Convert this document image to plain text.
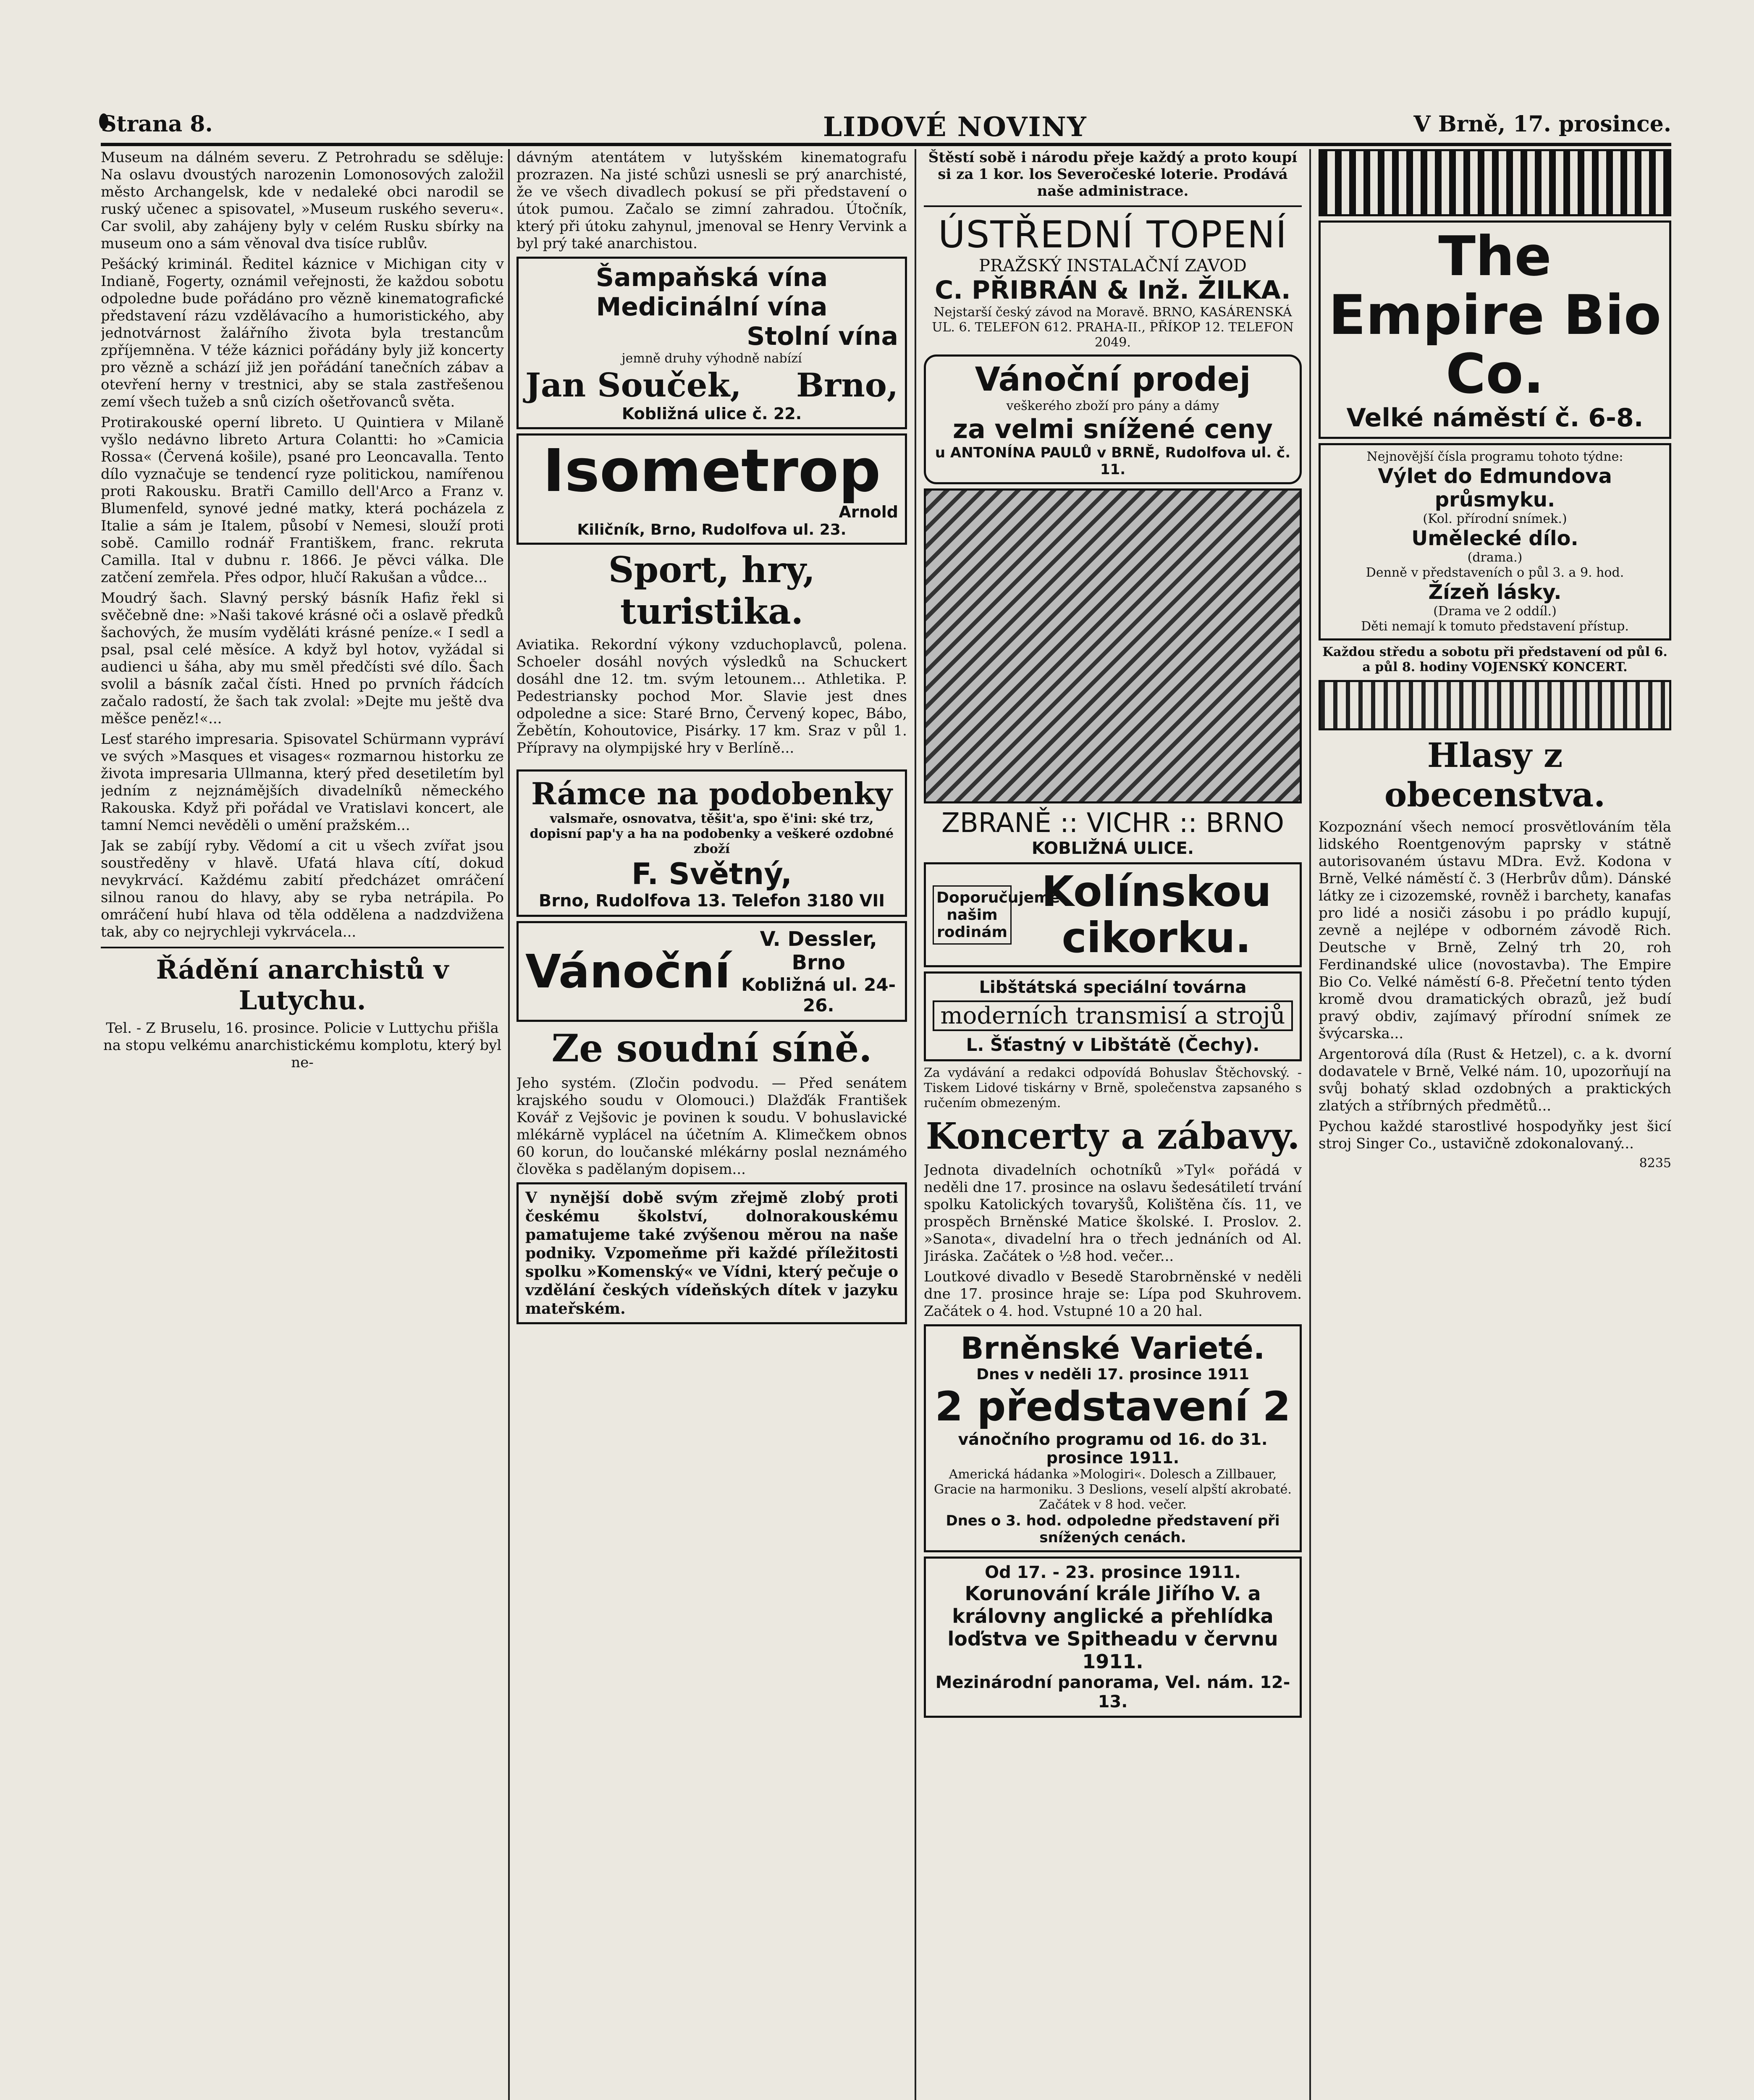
Strana 8.	LIDOVÉ NOVINY	V Brně, 17. prosince.

Museum na dálném severu. Z Petrohradu se sděluje: Na oslavu dvoustých narozenin Lomonosových založil město Archangelsk, kde v nedaleké obci narodil se ruský učenec a spisovatel, »Museum ruského severu«. Car svolil, aby zahájeny byly v celém Rusku sbírky na museum ono a sám věnoval dva tisíce rublův.

Pešácký kriminál. Ředitel káznice v Michigan city v Indianě, Fogerty, oznámil veřejnosti, že každou sobotu odpoledne bude pořádáno pro vězně kinematografické představení rázu vzdělávacího a humoristického, aby jednotvárnost žalářního života byla trestancům zpříjemněna. V téže káznici pořádány byly již koncerty pro vězně a schází již jen pořádání tanečních zábav a otevření herny v trestnici, aby se stala zastřešenou zemí všech tužeb a snů cizích ošetřovanců světa.

Protirakouské operní libreto. U Quintiera v Milaně vyšlo nedávno libreto Artura Colantti: ho »Camicia Rossa« (Červená košile), psané pro Leoncavalla. Tento dílo vyznačuje se tendencí ryze politickou, namířenou proti Rakousku. Bratři Camillo dell'Arco a Franz v. Blumenfeld, synové jedné matky, která pocházela z Italie a sám je Italem, působí v Nemesi, slouží proti sobě. Camillo rodnář Františkem, franc. rekruta Camilla. Ital v dubnu r. 1866. Je pěvci válka. Dle zatčení zemřela. Přes odpor, hlučí Rakušan a vůdce...

Moudrý šach. Slavný perský básník Hafiz řekl si svěčebně dne: »Naši takové krásné oči a oslavě předků šachových, že musím vyděláti krásné peníze.« I sedl a psal, psal celé měsíce. A když byl hotov, vyžádal si audienci u šáha, aby mu směl předčísti své dílo. Šach svolil a básník začal čísti. Hned po prvních řádcích začalo radostí, že šach tak zvolal: »Dejte mu ještě dva měšce peněz!«...

Lesť starého impresaria. Spisovatel Schürmann vypráví ve svých »Masques et visages« rozmarnou historku ze života impresaria Ullmanna, který před desetiletím byl jedním z nejznámějších divadelníků německého Rakouska. Když při pořádal ve Vratislavi koncert, ale tamní Nemci nevěděli o umění pražském...

Jak se zabíjí ryby. Vědomí a cit u všech zvířat jsou soustředěny v hlavě. Ufatá hlava cítí, dokud nevykrvácí. Každému zabití předcházet omráčení silnou ranou do hlavy, aby se ryba netrápila. Po omráčení hubí hlava od těla oddělena a nadzdvižena tak, aby co nejrychleji vykrvácela...

Řádění anarchistů v Lutychu.

Tel. - Z Bruselu, 16. prosince. Policie v Luttychu přišla na stopu velkému anarchistickému komplotu, který byl ne-

dávným atentátem v lutyšském kinematografu prozrazen. Na jisté schůzi usnesli se prý anarchisté, že ve všech divadlech pokusí se při představení o útok pumou. Začalo se zimní zahradou. Útočník, který při útoku zahynul, jmenoval se Henry Vervink a byl prý také anarchistou.

Šampaňská vína
Medicinální vína
Stolní vína
jemně druhy výhodně nabízí
Jan Souček, Brno,
Kobližná ulice č. 22.
Isometrop
Arnold
Kiličník, Brno, Rudolfova ul. 23.
Sport, hry, turistika.

Aviatika. Rekordní výkony vzduchoplavců, polena. Schoeler dosáhl nových výsledků na Schuckert dosáhl dne 12. tm. svým letounem... Athletika. P. Pedestriansky pochod Mor. Slavie jest dnes odpoledne a sice: Staré Brno, Červený kopec, Bábo, Žebětín, Kohoutovice, Pisárky. 17 km. Sraz v půl 1. Přípravy na olympijské hry v Berlíně...

Rámce na podobenky
valsmaře, osnovatva, těšit'a, spo ě'ini: ské trz, dopisní pap'y a ha na podobenky a veškeré ozdobné zboží
F. Světný,
Brno, Rudolfova 13. Telefon 3180 VII
Vánoční
V. Dessler, Brno
Kobližná ul. 24-26.
Ze soudní síně.

Jeho systém. (Zločin podvodu. — Před senátem krajského soudu v Olomouci.) Dlažďák František Kovář z Vejšovic je povinen k soudu. V bohuslavické mlékárně vyplácel na účetním A. Klimečkem obnos 60 korun, do loučanské mlékárny poslal neznámého člověka s padělaným dopisem...

V nynější době svým zřejmě zlobý proti českému školství, dolnorakouskému pamatujeme také zvýšenou měrou na naše podniky. Vzpomeňme při každé příležitosti spolku »Komenský« ve Vídni, který pečuje o vzdělání českých vídeňských dítek v jazyku mateřském.
Štěstí sobě i národu přeje každý a proto koupí si za 1 kor. los Severočeské loterie. Prodává naše administrace.
ÚSTŘEDNÍ TOPENÍ
PRAŽSKÝ INSTALAČNÍ ZAVOD
C. PŘIBRÁN & Inž. ŽILKA.
Nejstarší český závod na Moravě. BRNO, KASÁRENSKÁ UL. 6. TELEFON 612. PRAHA-II., PŘÍKOP 12. TELEFON 2049.
Vánoční prodej
veškerého zboží pro pány a dámy
za velmi snížené ceny
u ANTONÍNA PAULŮ v BRNĚ, Rudolfova ul. č. 11.
ZBRANĚ :: VICHR :: BRNO
KOBLIŽNÁ ULICE.
Doporučujeme našim rodinám
Kolínskou cikorku.
Libštátská speciální továrna
moderních transmisí a strojů
L. Šťastný v Libštátě (Čechy).

Za vydávání a redakci odpovídá Bohuslav Štěchovský. - Tiskem Lidové tiskárny v Brně, společenstva zapsaného s ručením obmezeným.

Koncerty a zábavy.

Jednota divadelních ochotníků »Tyl« pořádá v neděli dne 17. prosince na oslavu šedesátiletí trvání spolku Katolických tovaryšů, Kolištěna čís. 11, ve prospěch Brněnské Matice školské. I. Proslov. 2. »Sanota«, divadelní hra o třech jednáních od Al. Jiráska. Začátek o ½8 hod. večer...

Loutkové divadlo v Besedě Starobrněnské v neděli dne 17. prosince hraje se: Lípa pod Skuhrovem. Začátek o 4. hod. Vstupné 10 a 20 hal.

Brněnské Varieté.
Dnes v neděli 17. prosince 1911
2 představení 2
vánočního programu od 16. do 31. prosince 1911.
Americká hádanka »Mologiri«. Dolesch a Zillbauer, Gracie na harmoniku. 3 Deslions, veselí alpští akrobaté.
Začátek v 8 hod. večer.
Dnes o 3. hod. odpoledne představení při snížených cenách.
Od 17. - 23. prosince 1911.
Korunování krále Jiřího V. a královny anglické a přehlídka loďstva ve Spitheadu v červnu 1911.
Mezinárodní panorama, Vel. nám. 12-13.
The Empire Bio Co.
Velké náměstí č. 6-8.
Nejnovější čísla programu tohoto týdne:
Výlet do Edmundova průsmyku.
(Kol. přírodní snímek.)
Umělecké dílo.
(drama.)
Denně v představeních o půl 3. a 9. hod.
Žízeň lásky.
(Drama ve 2 oddíl.)
Děti nemají k tomuto představení přístup.
Každou středu a sobotu při představení od půl 6. a půl 8. hodiny VOJENSKÝ KONCERT.
Hlasy z obecenstva.

Kozpoznání všech nemocí prosvětlováním těla lidského Roentgenovým paprsky v státně autorisovaném ústavu MDra. Evž. Kodona v Brně, Velké náměstí č. 3 (Herbrův dům). Dánské látky ze i cizozemské, rovněž i barchety, kanafas pro lidé a nosiči zásobu i po prádlo kupují, zevně a nejlépe v odborném závodě Rich. Deutsche v Brně, Zelný trh 20, roh Ferdinandské ulice (novostavba). The Empire Bio Co. Velké náměstí 6-8. Přečetní tento týden kromě dvou dramatických obrazů, jež budí pravý obdiv, zajímavý přírodní snímek ze švýcarska...

Argentorová díla (Rust & Hetzel), c. a k. dvorní dodavatele v Brně, Velké nám. 10, upozorňují na svůj bohatý sklad ozdobných a praktických zlatých a stříbrných předmětů...

Pychou každé starostlivé hospodyňky jest šicí stroj Singer Co., ustavičně zdokonalovaný...

8235
